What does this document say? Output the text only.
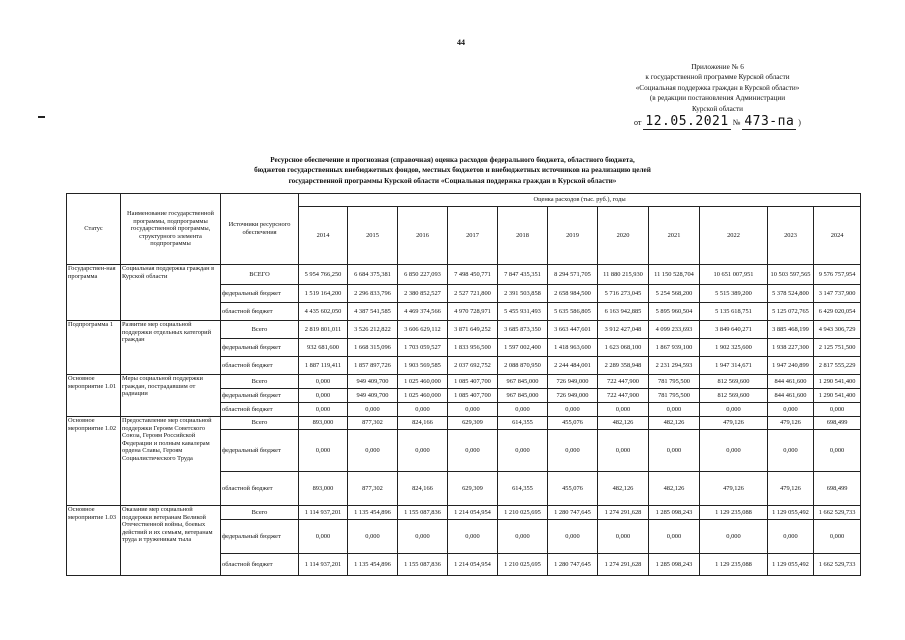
44
Приложение № 6
к государственной программе Курской области
«Социальная поддержка граждан в Курской области»
(в редакции постановления Администрации
Курской области
от 12.05.2021 № 473-па )
Ресурсное обеспечение и прогнозная (справочная) оценка расходов федерального бюджета, областного бюджета,
бюджетов государственных внебюджетных фондов, местных бюджетов и внебюджетных источников на реализацию целей
государственной программы Курской области «Социальная поддержка граждан в Курской области»
Статус	Наименование государственной программы, подпрограммы государственной программы, структурного элемента подпрограммы	Источники ресурсного обеспечения	Оценка расходов (тыс. руб.), годы										
			2014	2015	2016	2017	2018	2019	2020	2021	2022	2023	2024
Государствен-ная программа	Социальная поддержка граждан в Курской области	ВСЕГО	5 954 766,250	6 684 375,381	6 850 227,093	7 498 450,771	7 847 435,351	8 294 571,705	11 880 215,930	11 150 528,704	10 651 007,951	10 503 597,565	9 576 757,954
		федеральный бюджет	1 519 164,200	2 296 833,796	2 380 852,527	2 527 721,800	2 391 503,858	2 658 984,500	5 716 273,045	5 254 568,200	5 515 389,200	5 378 524,800	3 147 737,900
		областной бюджет	4 435 602,050	4 387 541,585	4 469 374,566	4 970 728,971	5 455 931,493	5 635 586,805	6 163 942,885	5 895 960,504	5 135 618,751	5 125 072,765	6 429 020,054
Подпрограмма 1	Развитие мер социальной поддержки отдельных категорий граждан	Всего	2 819 801,011	3 526 212,822	3 606 629,112	3 871 649,252	3 685 873,350	3 663 447,601	3 912 427,048	4 099 233,693	3 849 640,271	3 885 468,199	4 943 306,729
		федеральный бюджет	932 681,600	1 668 315,096	1 703 059,527	1 833 956,500	1 597 002,400	1 418 963,600	1 623 068,100	1 867 939,100	1 902 325,600	1 938 227,300	2 125 751,500
		областной бюджет	1 887 119,411	1 857 897,726	1 903 569,585	2 037 692,752	2 088 870,950	2 244 484,001	2 289 358,948	2 231 294,593	1 947 314,671	1 947 240,899	2 817 555,229
Основное мероприятие 1.01	Меры социальной поддержки граждан, пострадавшим от радиации	Всего	0,000	949 409,700	1 025 460,000	1 085 407,700	967 845,000	726 949,000	722 447,900	781 795,500	812 569,600	844 461,600	1 290 541,400
		федеральный бюджет	0,000	949 409,700	1 025 460,000	1 085 407,700	967 845,000	726 949,000	722 447,900	781 795,500	812 569,600	844 461,600	1 290 541,400
		областной бюджет	0,000	0,000	0,000	0,000	0,000	0,000	0,000	0,000	0,000	0,000	0,000
Основное мероприятие 1.02	Предоставление мер социальной поддержки Героям Советского Союза, Героям Российской Федерации и полным кавалерам ордена Славы, Героям Социалистического Труда	Всего	893,000	877,302	824,166	629,309	614,355	455,076	482,126	482,126	479,126	479,126	698,499
		федеральный бюджет	0,000	0,000	0,000	0,000	0,000	0,000	0,000	0,000	0,000	0,000	0,000
		областной бюджет	893,000	877,302	824,166	629,309	614,355	455,076	482,126	482,126	479,126	479,126	698,499
Основное мероприятие 1.03	Оказание мер социальной поддержки ветеранам Великой Отечественной войны, боевых действий и их семьям, ветеранам труда и труженикам тыла	Всего	1 114 937,201	1 135 454,896	1 155 087,836	1 214 054,954	1 210 025,695	1 280 747,645	1 274 291,628	1 285 098,243	1 129 235,088	1 129 055,492	1 662 529,733
		федеральный бюджет	0,000	0,000	0,000	0,000	0,000	0,000	0,000	0,000	0,000	0,000	0,000
		областной бюджет	1 114 937,201	1 135 454,896	1 155 087,836	1 214 054,954	1 210 025,695	1 280 747,645	1 274 291,628	1 285 098,243	1 129 235,088	1 129 055,492	1 662 529,733
